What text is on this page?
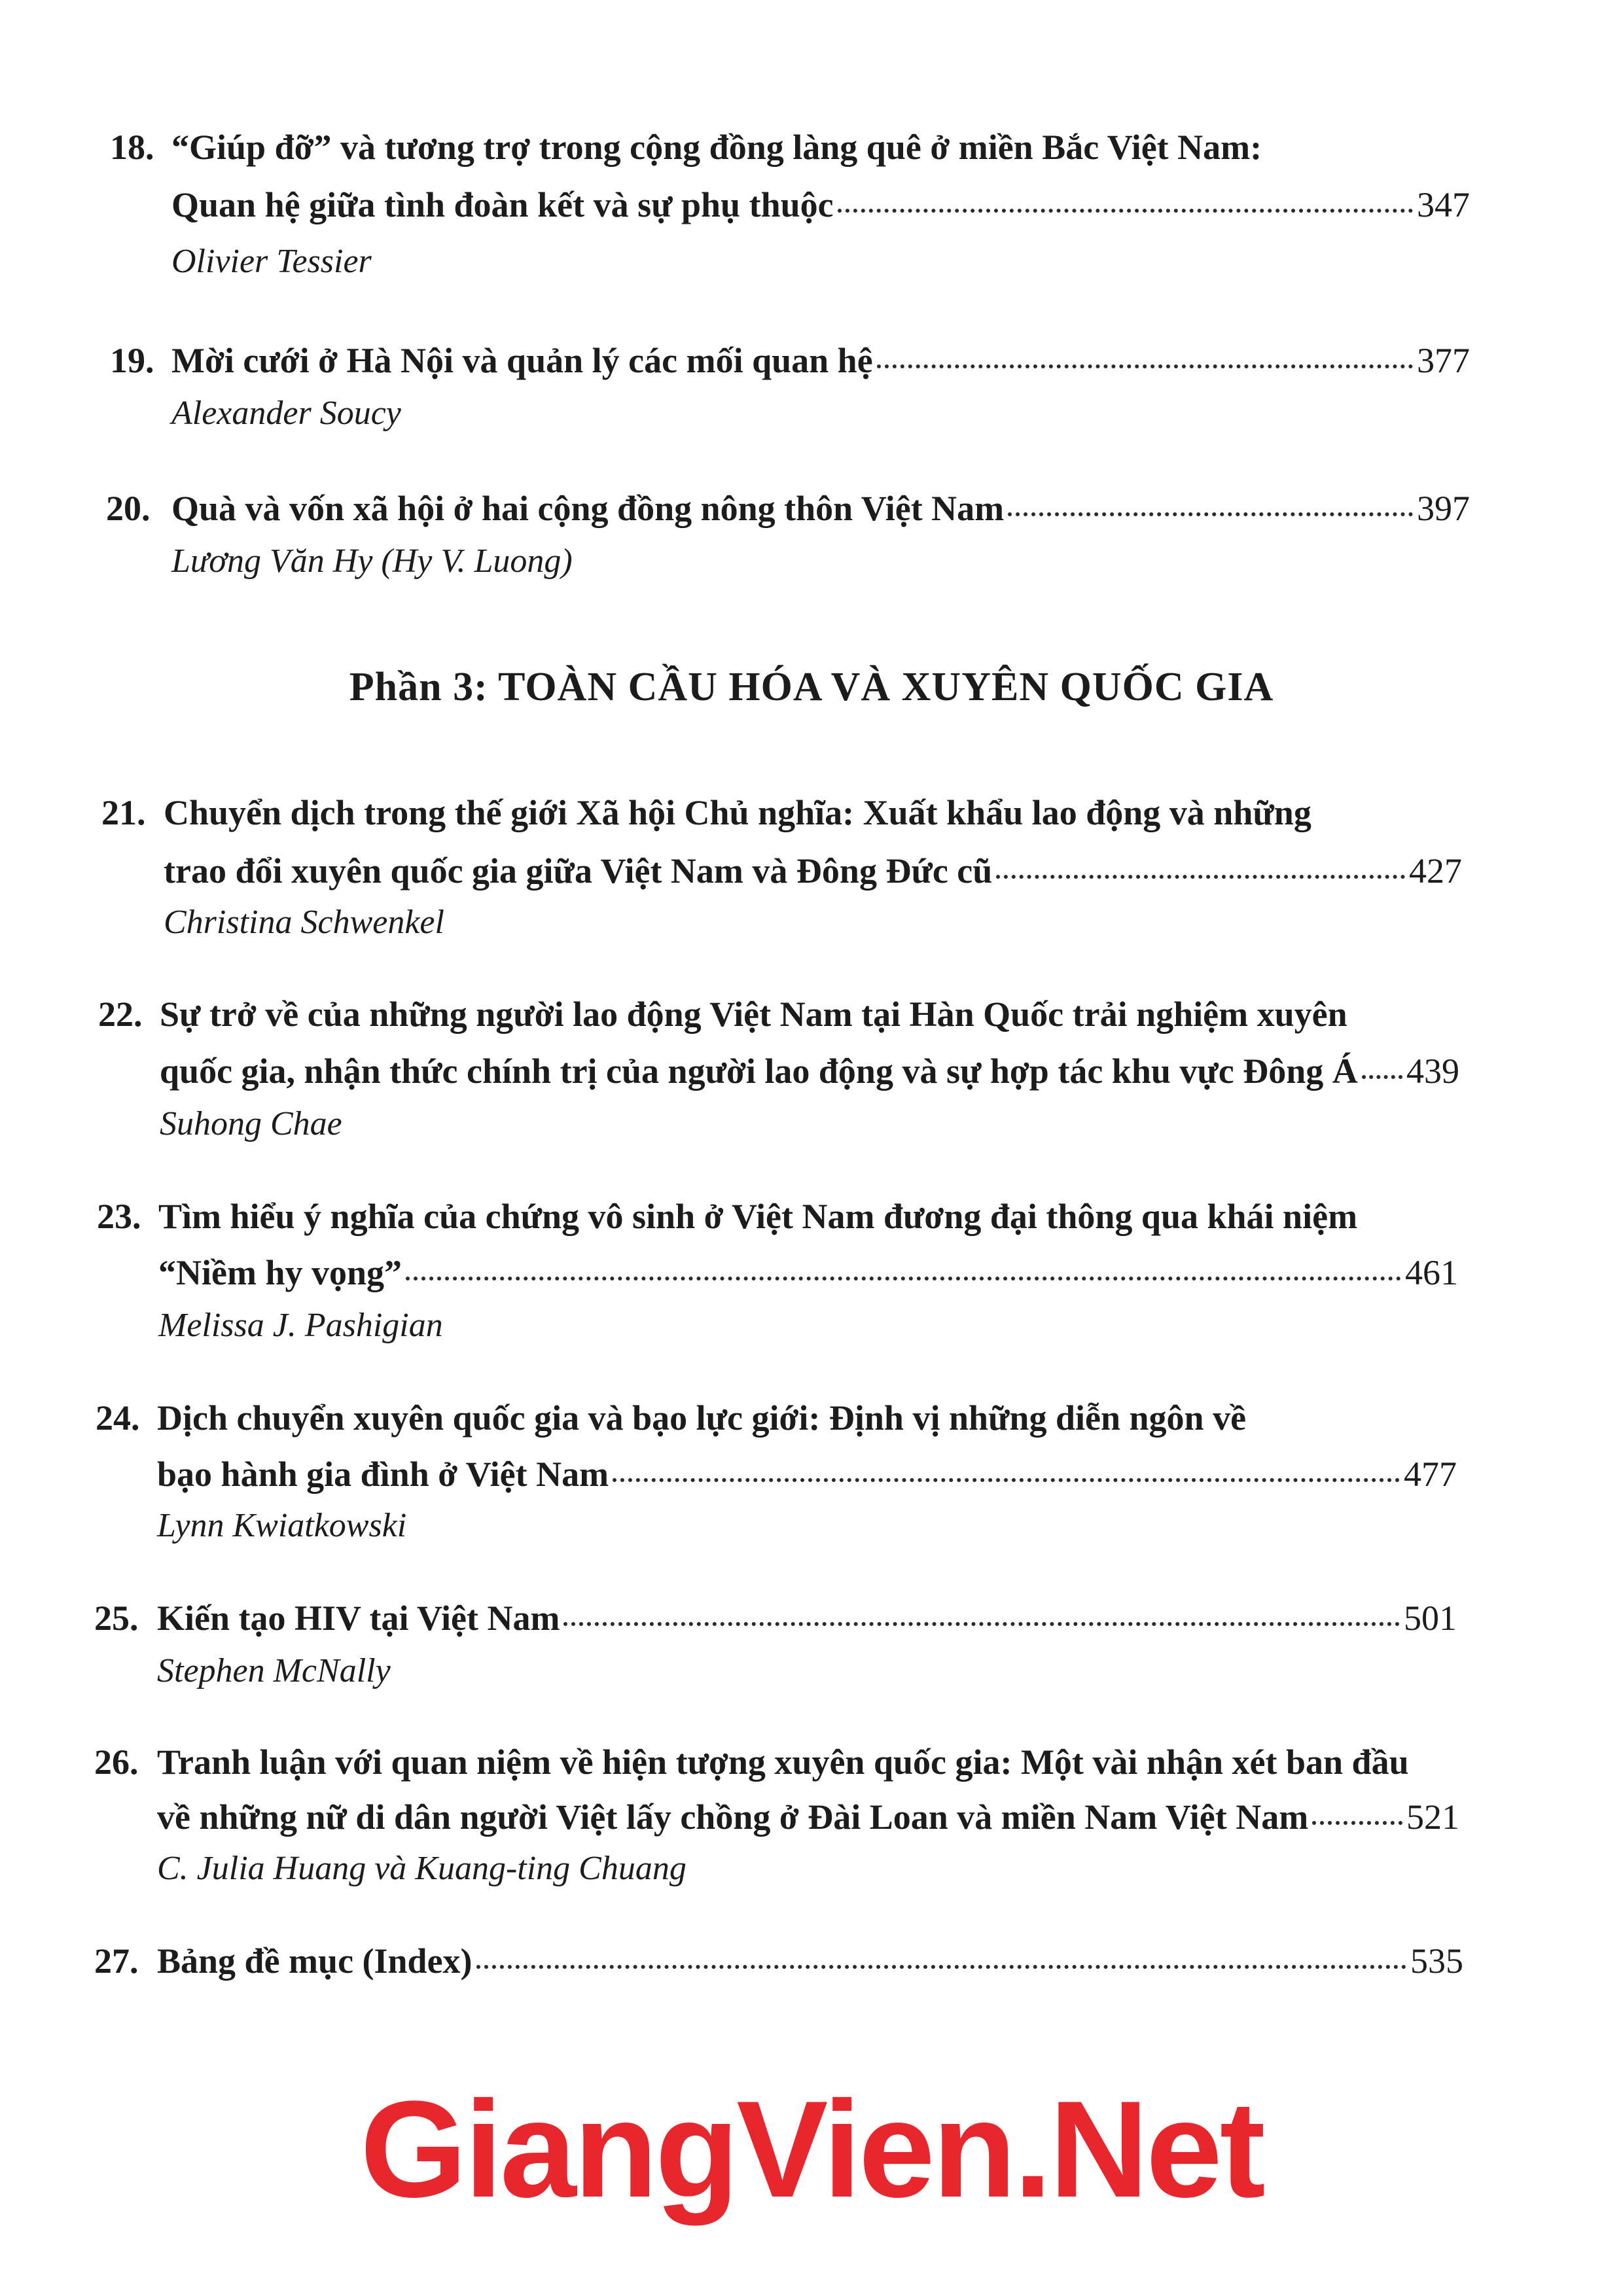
18. “Giúp đỡ” và tương trợ trong cộng đồng làng quê ở miền Bắc Việt Nam:
Quan hệ giữa tình đoàn kết và sự phụ thuộc	347
Olivier Tessier
19. Mời cưới ở Hà Nội và quản lý các mối quan hệ	377
Alexander Soucy
20. Quà và vốn xã hội ở hai cộng đồng nông thôn Việt Nam	397
Lương Văn Hy (Hy V. Luong)
Phần 3: TOÀN CẦU HÓA VÀ XUYÊN QUỐC GIA
21. Chuyển dịch trong thế giới Xã hội Chủ nghĩa: Xuất khẩu lao động và những
trao đổi xuyên quốc gia giữa Việt Nam và Đông Đức cũ	427
Christina Schwenkel
22. Sự trở về của những người lao động Việt Nam tại Hàn Quốc trải nghiệm xuyên
quốc gia, nhận thức chính trị của người lao động và sự hợp tác khu vực Đông Á 439
Suhong Chae
23. Tìm hiểu ý nghĩa của chứng vô sinh ở Việt Nam đương đại thông qua khái niệm
“Niềm hy vọng”	461
Melissa J. Pashigian
24. Dịch chuyển xuyên quốc gia và bạo lực giới: Định vị những diễn ngôn về
bạo hành gia đình ở Việt Nam	477
Lynn Kwiatkowski
25. Kiến tạo HIV tại Việt Nam	501
Stephen McNally
26. Tranh luận với quan niệm về hiện tượng xuyên quốc gia: Một vài nhận xét ban đầu
về những nữ di dân người Việt lấy chồng ở Đài Loan và miền Nam Việt Nam	521
C. Julia Huang và Kuang-ting Chuang
27. Bảng đề mục (Index)	535
GiangVien.Net
